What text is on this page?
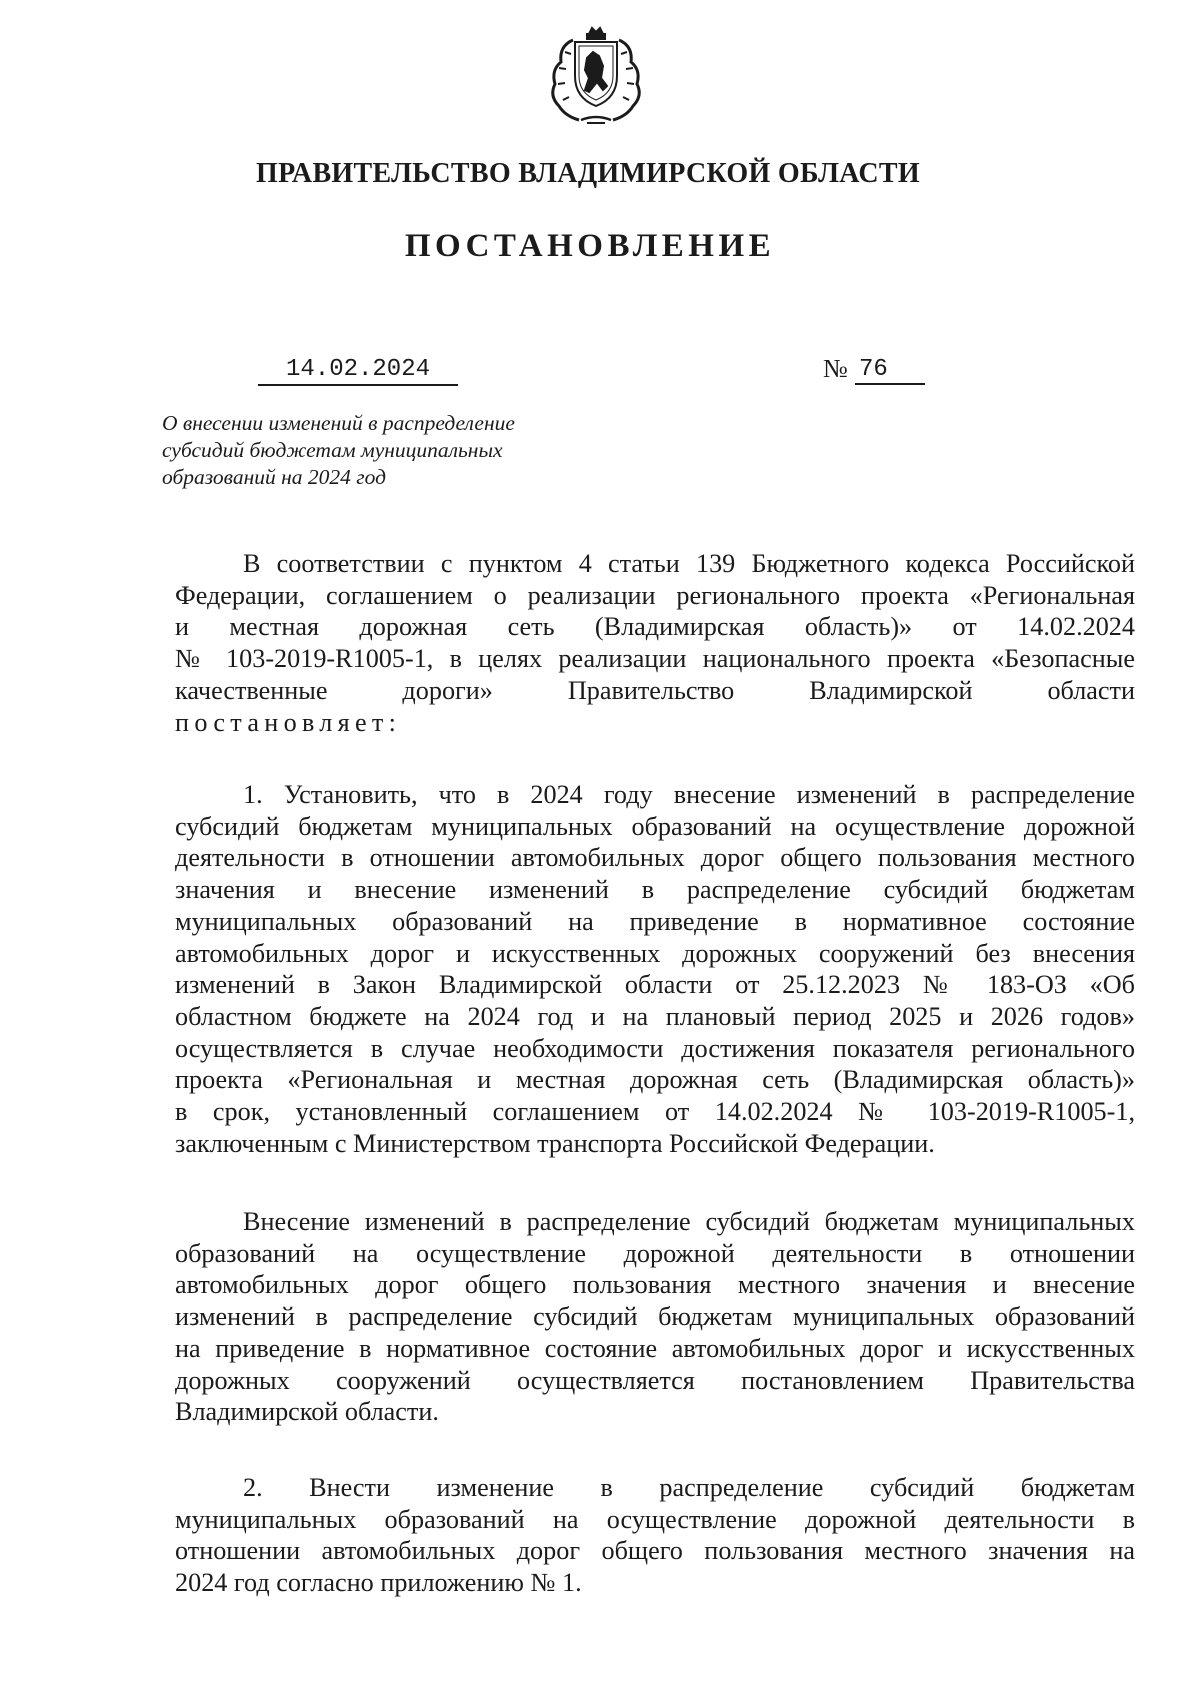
ПРАВИТЕЛЬСТВО ВЛАДИМИРСКОЙ ОБЛАСТИ
ПОСТАНОВЛЕНИЕ
14.02.2024	№ 76
О внесении изменений в распределение
субсидий бюджетам муниципальных
образований на 2024 год
В соответствии с пунктом 4 статьи 139 Бюджетного кодекса Российской
Федерации, соглашением о реализации регионального проекта «Региональная
и местная дорожная сеть (Владимирская область)» от 14.02.2024
№ 103-2019-R1005-1, в целях реализации национального проекта «Безопасные
качественные дороги» Правительство Владимирской области
постановляет:
1. Установить, что в 2024 году внесение изменений в распределение
субсидий бюджетам муниципальных образований на осуществление дорожной
деятельности в отношении автомобильных дорог общего пользования местного
значения и внесение изменений в распределение субсидий бюджетам
муниципальных образований на приведение в нормативное состояние
автомобильных дорог и искусственных дорожных сооружений без внесения
изменений в Закон Владимирской области от 25.12.2023 № 183-ОЗ «Об
областном бюджете на 2024 год и на плановый период 2025 и 2026 годов»
осуществляется в случае необходимости достижения показателя регионального
проекта «Региональная и местная дорожная сеть (Владимирская область)»
в срок, установленный соглашением от 14.02.2024 № 103-2019-R1005-1,
заключенным с Министерством транспорта Российской Федерации.
Внесение изменений в распределение субсидий бюджетам муниципальных
образований на осуществление дорожной деятельности в отношении
автомобильных дорог общего пользования местного значения и внесение
изменений в распределение субсидий бюджетам муниципальных образований
на приведение в нормативное состояние автомобильных дорог и искусственных
дорожных сооружений осуществляется постановлением Правительства
Владимирской области.
2. Внести изменение в распределение субсидий бюджетам
муниципальных образований на осуществление дорожной деятельности в
отношении автомобильных дорог общего пользования местного значения на
2024 год согласно приложению № 1.
